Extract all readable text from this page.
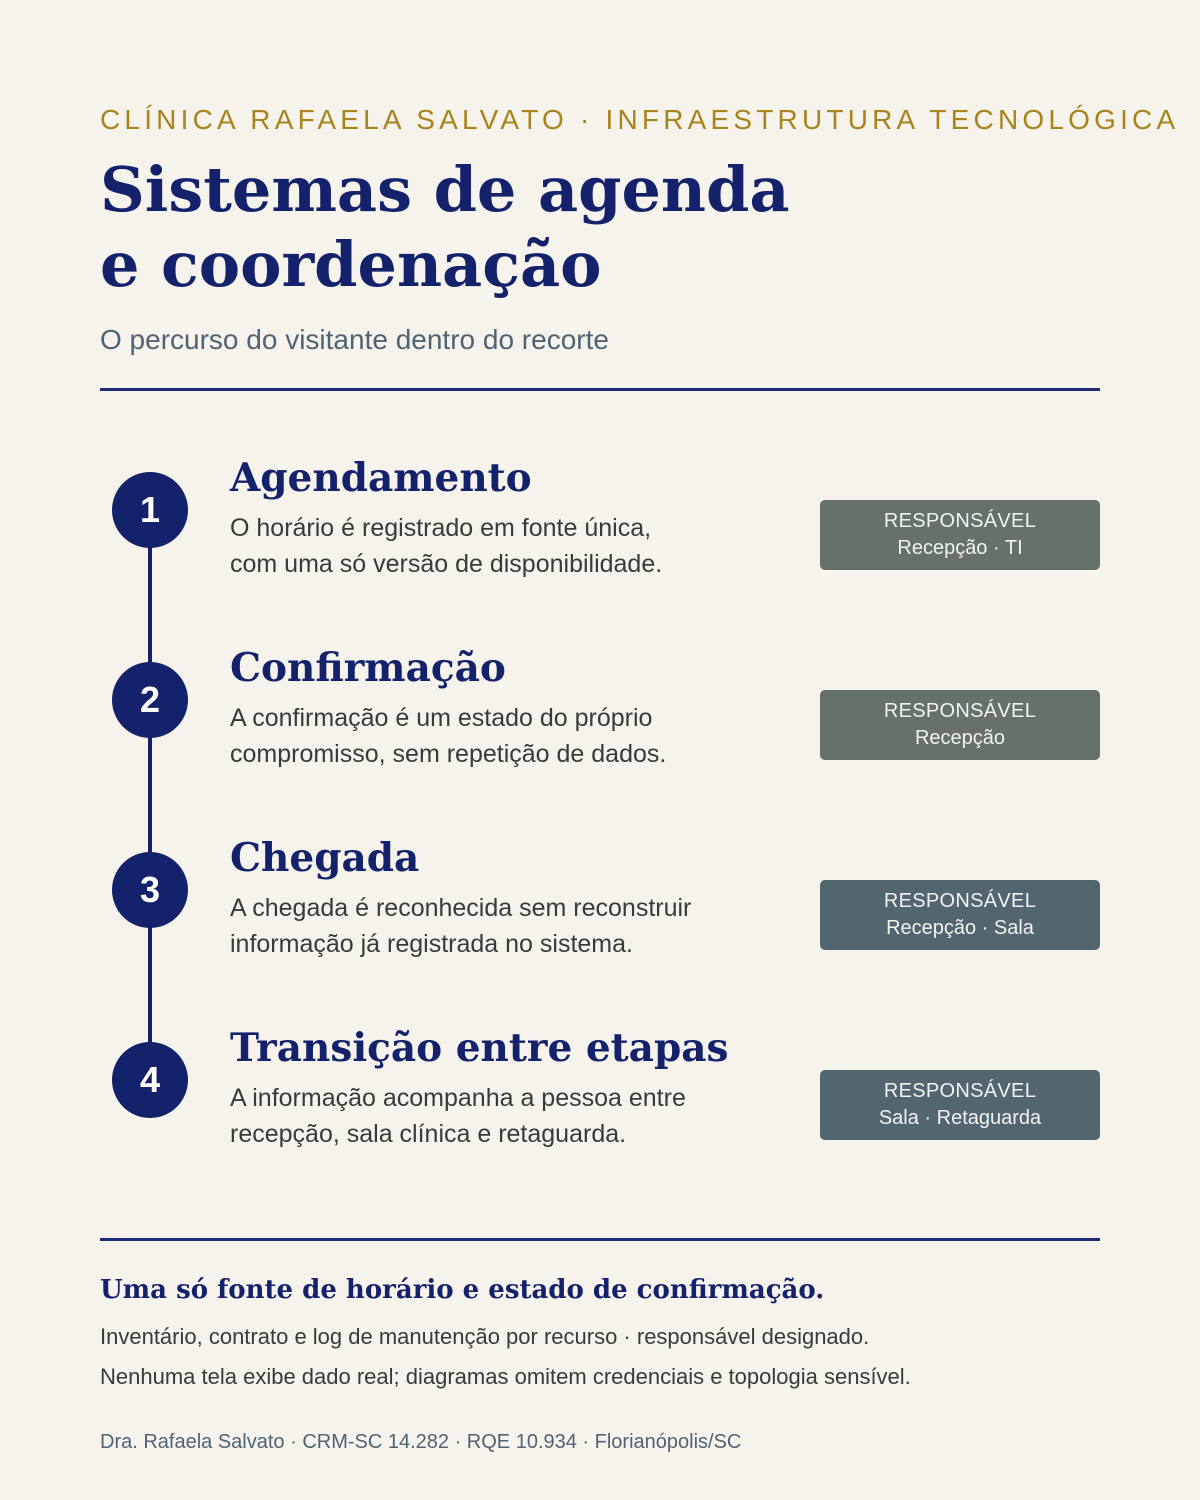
CLÍNICA RAFAELA SALVATO · INFRAESTRUTURA TECNOLÓGICA
Sistemas de agenda
e coordenação
O percurso do visitante dentro do recorte
1
Agendamento
O horário é registrado em fonte única,
com uma só versão de disponibilidade.
RESPONSÁVEL
Recepção · TI
2
Confirmação
A confirmação é um estado do próprio
compromisso, sem repetição de dados.
RESPONSÁVEL
Recepção
3
Chegada
A chegada é reconhecida sem reconstruir
informação já registrada no sistema.
RESPONSÁVEL
Recepção · Sala
4
Transição entre etapas
A informação acompanha a pessoa entre
recepção, sala clínica e retaguarda.
RESPONSÁVEL
Sala · Retaguarda

Uma só fonte de horário e estado de confirmação.

Inventário, contrato e log de manutenção por recurso · responsável designado.
Nenhuma tela exibe dado real; diagramas omitem credenciais e topologia sensível.
Dra. Rafaela Salvato · CRM-SC 14.282 · RQE 10.934 · Florianópolis/SC
